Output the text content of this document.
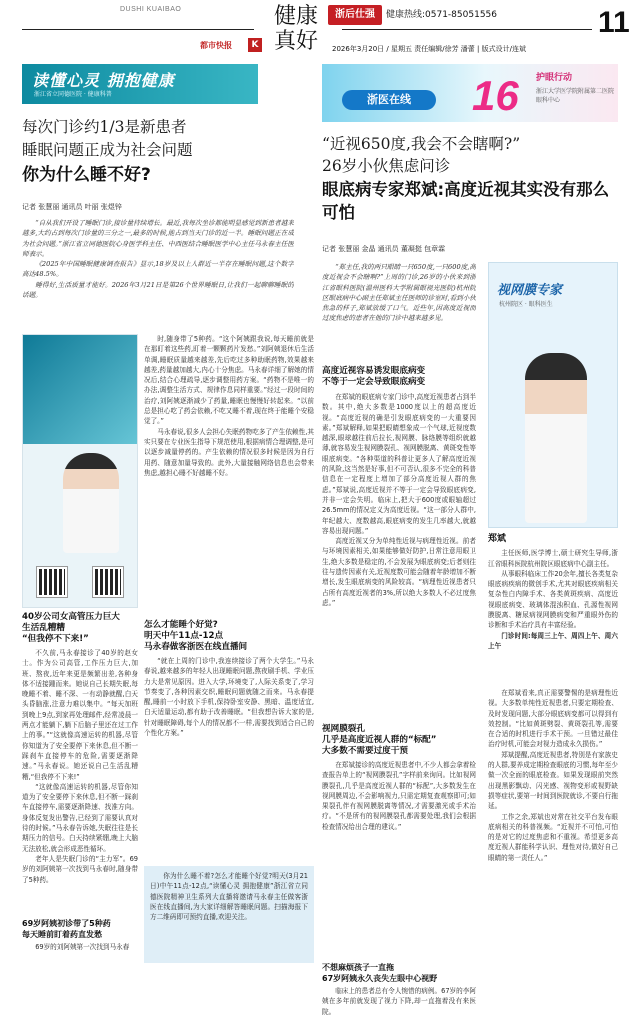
DUSHI KUAIBAO
都市快报	K
健康
真好
浙后仕强	健康热线:0571-85051556
2026年3月20日 / 星期五 责任编辑/徐芳 潘蕾 | 版式设计/连斌
11
读懂心灵 拥抱健康
浙江省立同德医院 · 健康科普	浙医在线	16 护眼行动
浙江大学医学院附属第二医院眼科中心
每次门诊约1/3是新患者
睡眠问题正成为社会问题
你为什么睡不好?
“近视650度,我会不会瞎啊?”
26岁小伙焦虑问诊
眼底病专家郑斌:高度近视其实没有那么可怕
记者 张慧丽 通讯员 叶丽 张煜锌
记者 张慧丽 金晶 通讯员 董凝挺 包章霖

“自从我们开设了睡眠门诊,接诊量持续增长。最近,我每次坐诊都能明显感觉到新患者越来越多,大约占到每次门诊量的三分之一,最多的时候,能占到当天门诊的近一半。睡眠问题正在成为社会问题。”浙江省立同德医院心身医学科主任、中西医结合睡眠医学中心主任马永春主任医师表示。

《2025年中国睡眠健康调查报告》显示,18岁及以上人群近一半存在睡眠问题,这个数字高达48.5%。

睡得好,生活质量才能好。2026年3月21日是第26个世界睡眠日,让我们一起聊聊睡眠的话题。

40岁公司女高管压力巨大
生活乱糟糟
“但我停不下来!”

不久前,马永春接诊了40岁的赵女士。作为公司高管,工作压力巨大,加班、熬夜,近年来更是频繁出差,各种身体不适接踵而来。她说自己长期失眠,每晚睡不着、睡不深、一有动静就醒,白天头昏脑涨,注意力难以集中。“每天加班到晚上9点,到家再处理邮件,经常凌晨一两点才能躺下,躺下后脑子里还在过工作上的事。”“这就像高速运转的机器,尽管你知道为了安全要停下来休息,但不断一踩刹车直接停车的危险,需要逐渐降速。”马永春说。她还说自己生活乱糟糟,“但我停不下来!”

“这就像高速运转的机器,尽管你知道为了安全要停下来休息,但不断一踩刹车直接停车,需要逐渐降速、找准方向。身体反复发出警告,已经到了需要认真对待的时候。”马永春告诉她,失眠往往是长期压力的信号。白天持续紧绷,晚上大脑无法放松,就会形成恶性循环。

老年人是失眠门诊的“主力军”。69岁的刘阿姨第一次找到马永春时,随身带了5种药。

69岁阿姨初诊带了5种药
每天睡前盯着药直发愁

69岁的刘阿姨第一次找到马永春

时,随身带了5种药。“这个阿姨跟我说,每天睡前就是在那盯着这些药,盯着一颗颗药片发愁。”刘阿姨退休后生活单调,睡眠质量越来越差,先后吃过多种助眠药物,效果越来越差,药量越加越大,内心十分焦虑。马永春详细了解她的情况后,结合心理疏导,逐步调整用药方案。“药物不是唯一的办法,调整生活方式、规律作息同样重要。”经过一段时间的治疗,刘阿姨逐渐减少了药量,睡眠也慢慢好转起来。“以前总是担心吃了药会依赖,不吃又睡不着,现在终于能睡个安稳觉了。”

马永春说,很多人会担心失眠药物吃多了产生依赖性,其实只要在专业医生指导下规范使用,根据病情合理调整,是可以逐步减量停药的。产生依赖的情况很多时候是因为自行用药、随意加量导致的。此外,大量接触网络信息也会带来焦虑,越担心睡不好越睡不好。

怎么才能睡个好觉?
明天中午11点-12点
马永春做客浙医在线直播间

“就在上周的门诊中,我连续接诊了两个大学生。”马永春说,越来越多的年轻人出现睡眠问题,熬夜刷手机、学业压力大是常见原因。进入大学,环境变了,人际关系变了,学习节奏变了,各种因素交织,睡眠问题就随之而来。马永春提醒,睡前一小时放下手机,保持卧室安静、黑暗、温度适宜,白天适量运动,都有助于改善睡眠。“但我想告诉大家的是,针对睡眠障碍,每个人的情况都不一样,需要找到适合自己的个性化方案。”

你为什么睡不着?怎么才能睡个好觉?明天(3月21日)中午11点-12点,“读懂心灵 拥抱健康”浙江省立同德医院精神卫生系列大直播将邀请马永春主任做客浙医在线直播间,为大家详细解答睡眠问题。扫描海报下方二维码即可预约直播,欢迎关注。

“郑主任,我的两只眼睛一只650度,一只600度,高度近视会不会瞎啊?”上周的门诊,26岁的小伙来到浙江省眼科医院(温州医科大学附属眼视光医院)杭州院区眼底病中心副主任郑斌主任医师的诊室时,看到小伙焦急的样子,郑斌放缓了口气。近些年,因高度近视而过度焦虑的患者在他的门诊中越来越多见。

视网膜专家
杭州院区 · 眼科医生
高度近视容易诱发眼底病变
不等于一定会导致眼底病变

在郑斌的眼底病专家门诊中,高度近视患者占到半数。其中,绝大多数是1000度以上的超高度近视。“高度近视的确是引发眼底病变的一大重要因素。”郑斌解释,如果把眼睛想象成一个气球,近视度数越深,眼球越往前后拉长,视网膜、脉络膜等组织就越薄,就容易发生视网膜裂孔、视网膜脱离、黄斑变性等眼底病变。“各种渠道的科普让更多人了解高度近视的风险,这当然是好事,但不可否认,很多不完全的科普信息在一定程度上增加了部分高度近视人群的焦虑。”郑斌说,高度近视并不等于一定会导致眼底病变,并非一定会失明。临床上,把大于600度或眼轴超过26.5mm的情况定义为高度近视。“这一部分人群中,年纪越大、度数越高,眼底病变的发生几率越大,就越容易出现问题。”

高度近视又分为单纯性近视与病理性近视。前者与环境因素相关,如果能够做好防护,日常注意用眼卫生,绝大多数是稳定的,不会发展为眼底病变;后者则往往与遗传因素有关,近视度数可能会随着年龄增加不断增长,发生眼底病变的风险较高。“病理性近视患者只占所有高度近视者的3%,所以绝大多数人不必过度焦虑。”

视网膜裂孔
几乎是高度近视人群的“标配”
大多数不需要过度干预

在郑斌接诊的高度近视患者中,不少人都会拿着检查报告单上的“视网膜裂孔”字样前来询问。比如视网膜裂孔,几乎是高度近视人群的“标配”,大多数发生在视网膜周边,不会影响视力,只需定期复查观察即可;如果裂孔伴有视网膜脱离等情况,才需要激光或手术治疗。“不是所有的视网膜裂孔都需要处理,我们会根据检查情况给出合理的建议。”

不想麻烦孩子一直拖
67岁阿姨永久丧失左眼中心视野

临床上的患者总有令人惋惜的病例。67岁的李阿姨在多年前就发现了视力下降,却一直拖着没有来医院。

郑斌

主任医师,医学博士,硕士研究生导师,浙江省眼科医院杭州院区眼底病中心副主任。

从事眼科临床工作20余年,擅长各类复杂眼底病疾病的微创手术,尤其对眼底疾病相关复杂性白内障手术、各类黄斑疾病、高度近视眼底病变、玻璃体混浊积血、孔源性视网膜脱离、糖尿病视网膜病变和严重眼外伤的诊断和手术治疗具有丰富经验。

门诊时间:每周三上午、周四上午、周六上午

在郑斌看来,真正需要警惕的是病理性近视。大多数单纯性近视患者,只要定期检查、及时发现问题,大部分眼底病变都可以得到有效控制。“比如黄斑劈裂、黄斑裂孔等,需要在合适的时机进行手术干预。一旦错过最佳治疗时机,可能会对视力造成永久损伤。”

郑斌提醒,高度近视患者,特别是有家族史的人群,要养成定期检查眼底的习惯,每年至少做一次全面的眼底检查。如果发现眼前突然出现黑影飘动、闪光感、视物变形或视野缺损等症状,要第一时间到医院就诊,不要自行拖延。

工作之余,郑斌也对常在社交平台发布眼底病相关的科普视频。“近视并不可怕,可怕的是对它的过度焦虑和不重视。希望更多高度近视人群能科学认识、理性对待,做好自己眼睛的第一责任人。”
